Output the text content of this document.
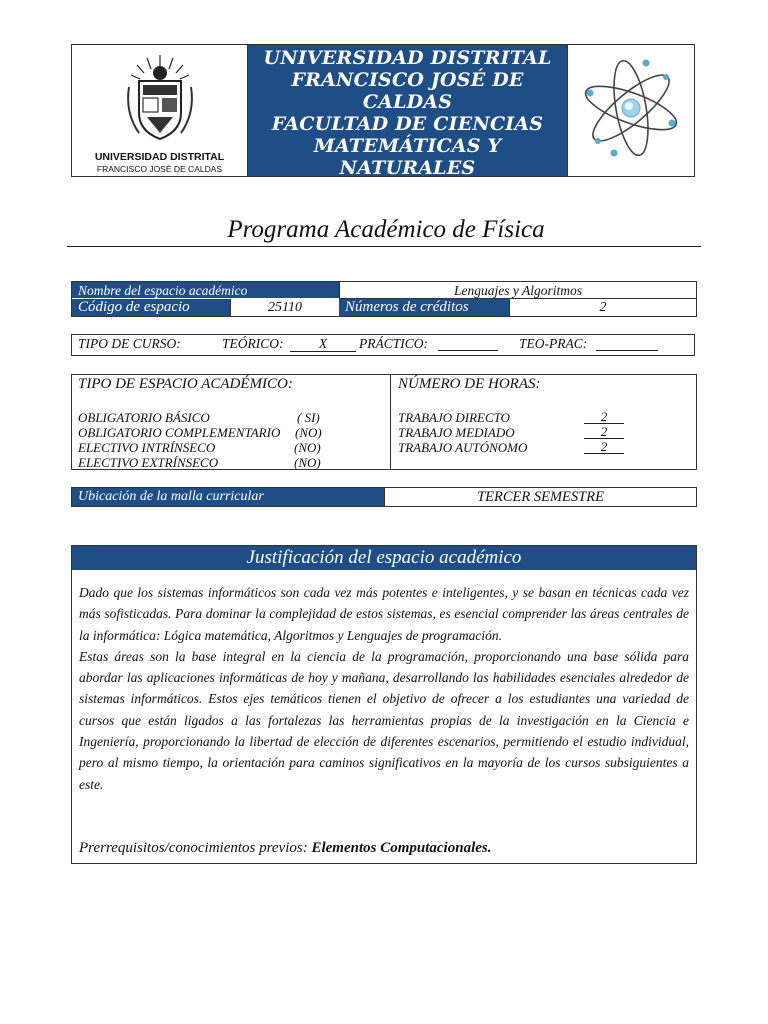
UNIVERSIDAD DISTRITAL
FRANCISCO JOSÉ DE CALDAS
UNIVERSIDAD DISTRITAL
FRANCISCO JOSÉ DE CALDAS
FACULTAD DE CIENCIAS
MATEMÁTICAS Y NATURALES
SYLLABUS
Programa Académico de Física
Nombre del espacio académico	Lenguajes y Algoritmos
Código de espacio	25110	Números de créditos	2
TIPO DE CURSO:	TEÓRICO:	X	PRÁCTICO:	TEO-PRAC:
TIPO DE ESPACIO ACADÉMICO:
OBLIGATORIO BÁSICO	( SI)
OBLIGATORIO COMPLEMENTARIO (NO)
ELECTIVO INTRÍNSECO	(NO)
ELECTIVO EXTRÍNSECO	(NO)
NÚMERO DE HORAS:
TRABAJO DIRECTO	2
TRABAJO MEDIADO	2
TRABAJO AUTÓNOMO	2
Ubicación de la malla curricular	TERCER SEMESTRE
Justificación del espacio académico

Dado que los sistemas informáticos son cada vez más potentes e inteligentes, y se basan en técnicas cada vez más sofisticadas. Para dominar la complejidad de estos sistemas, es esencial comprender las áreas centrales de la informática: Lógica matemática, Algoritmos y Lenguajes de programación.

Estas áreas son la base integral en la ciencia de la programación, proporcionando una base sólida para abordar las aplicaciones informáticas de hoy y mañana, desarrollando las habilidades esenciales alrededor de sistemas informáticos. Estos ejes temáticos tienen el objetivo de ofrecer a los estudiantes una variedad de cursos que están ligados a las fortalezas las herramientas propias de la investigación en la Ciencia e Ingeniería, proporcionando la libertad de elección de diferentes escenarios, permitiendo el estudio individual, pero al mismo tiempo, la orientación para caminos significativos en la mayoría de los cursos subsiguientes a este.

Prerrequisitos/conocimientos previos: Elementos Computacionales.
